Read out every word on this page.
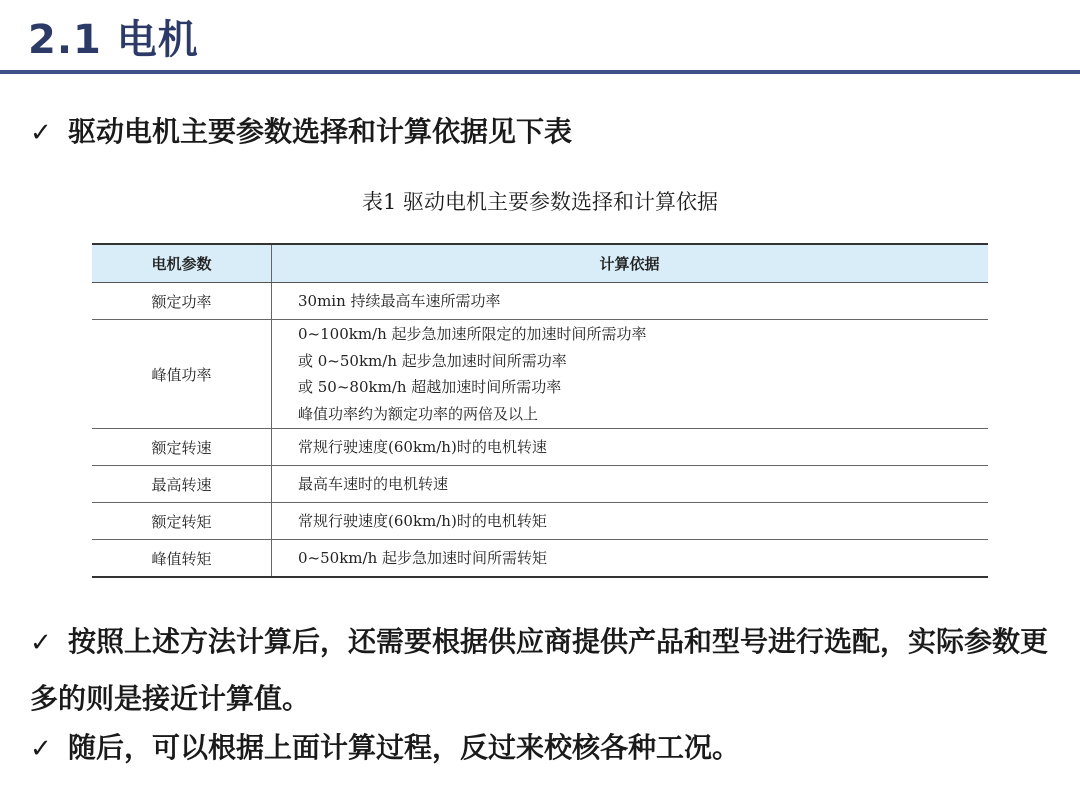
2.1 电机
✓ 驱动电机主要参数选择和计算依据见下表
表1 驱动电机主要参数选择和计算依据
电机参数	计算依据
额定功率	30min 持续最高车速所需功率

峰值功率	0~100km/h 起步急加速所限定的加速时间所需功率
或 0~50km/h 起步急加速时间所需功率
或 50~80km/h 超越加速时间所需功率
峰值功率约为额定功率的两倍及以上

额定转速	常规行驶速度(60km/h)时的电机转速

最高转速	最高车速时的电机转速

额定转矩	常规行驶速度(60km/h)时的电机转矩

峰值转矩	0~50km/h 起步急加速时间所需转矩
✓ 按照上述方法计算后，还需要根据供应商提供产品和型号进行选配，实际参数更多的则是接近计算值。
✓ 随后，可以根据上面计算过程，反过来校核各种工况。
